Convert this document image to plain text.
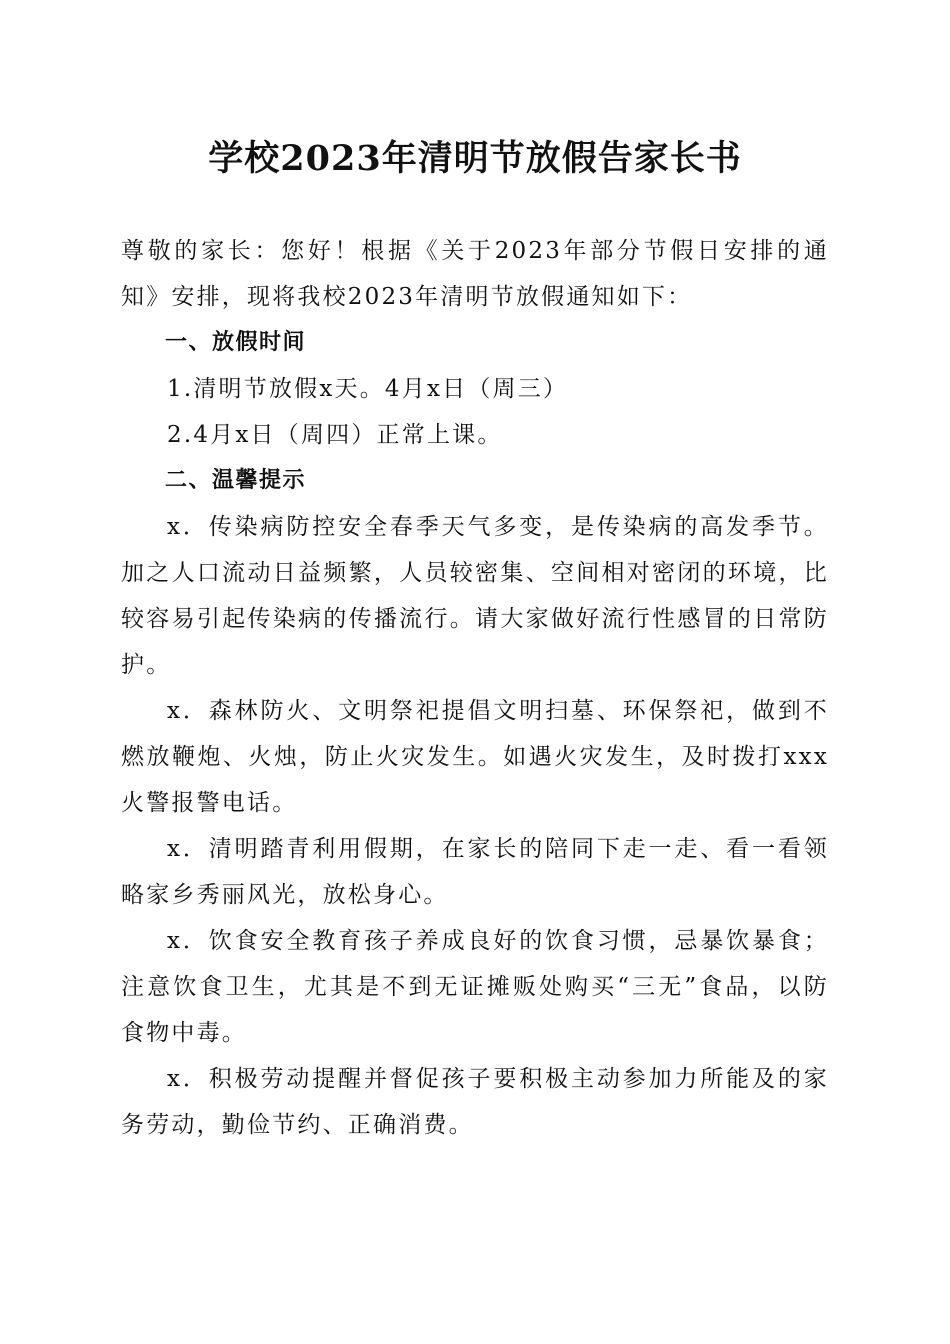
学校2023年清明节放假告家长书

尊敬的家长：您好！根据《关于2023年部分节假日安排的通知》安排，现将我校2023年清明节放假通知如下：

一、放假时间

1.清明节放假x天。4月x日（周三）

2.4月x日（周四）正常上课。

二、温馨提示

x．传染病防控安全春季天气多变，是传染病的高发季节。加之人口流动日益频繁，人员较密集、空间相对密闭的环境，比较容易引起传染病的传播流行。请大家做好流行性感冒的日常防护。

x．森林防火、文明祭祀提倡文明扫墓、环保祭祀，做到不燃放鞭炮、火烛，防止火灾发生。如遇火灾发生，及时拨打xxx火警报警电话。

x．清明踏青利用假期，在家长的陪同下走一走、看一看领略家乡秀丽风光，放松身心。

x．饮食安全教育孩子养成良好的饮食习惯，忌暴饮暴食；注意饮食卫生，尤其是不到无证摊贩处购买“三无”食品，以防食物中毒。

x．积极劳动提醒并督促孩子要积极主动参加力所能及的家务劳动，勤俭节约、正确消费。
